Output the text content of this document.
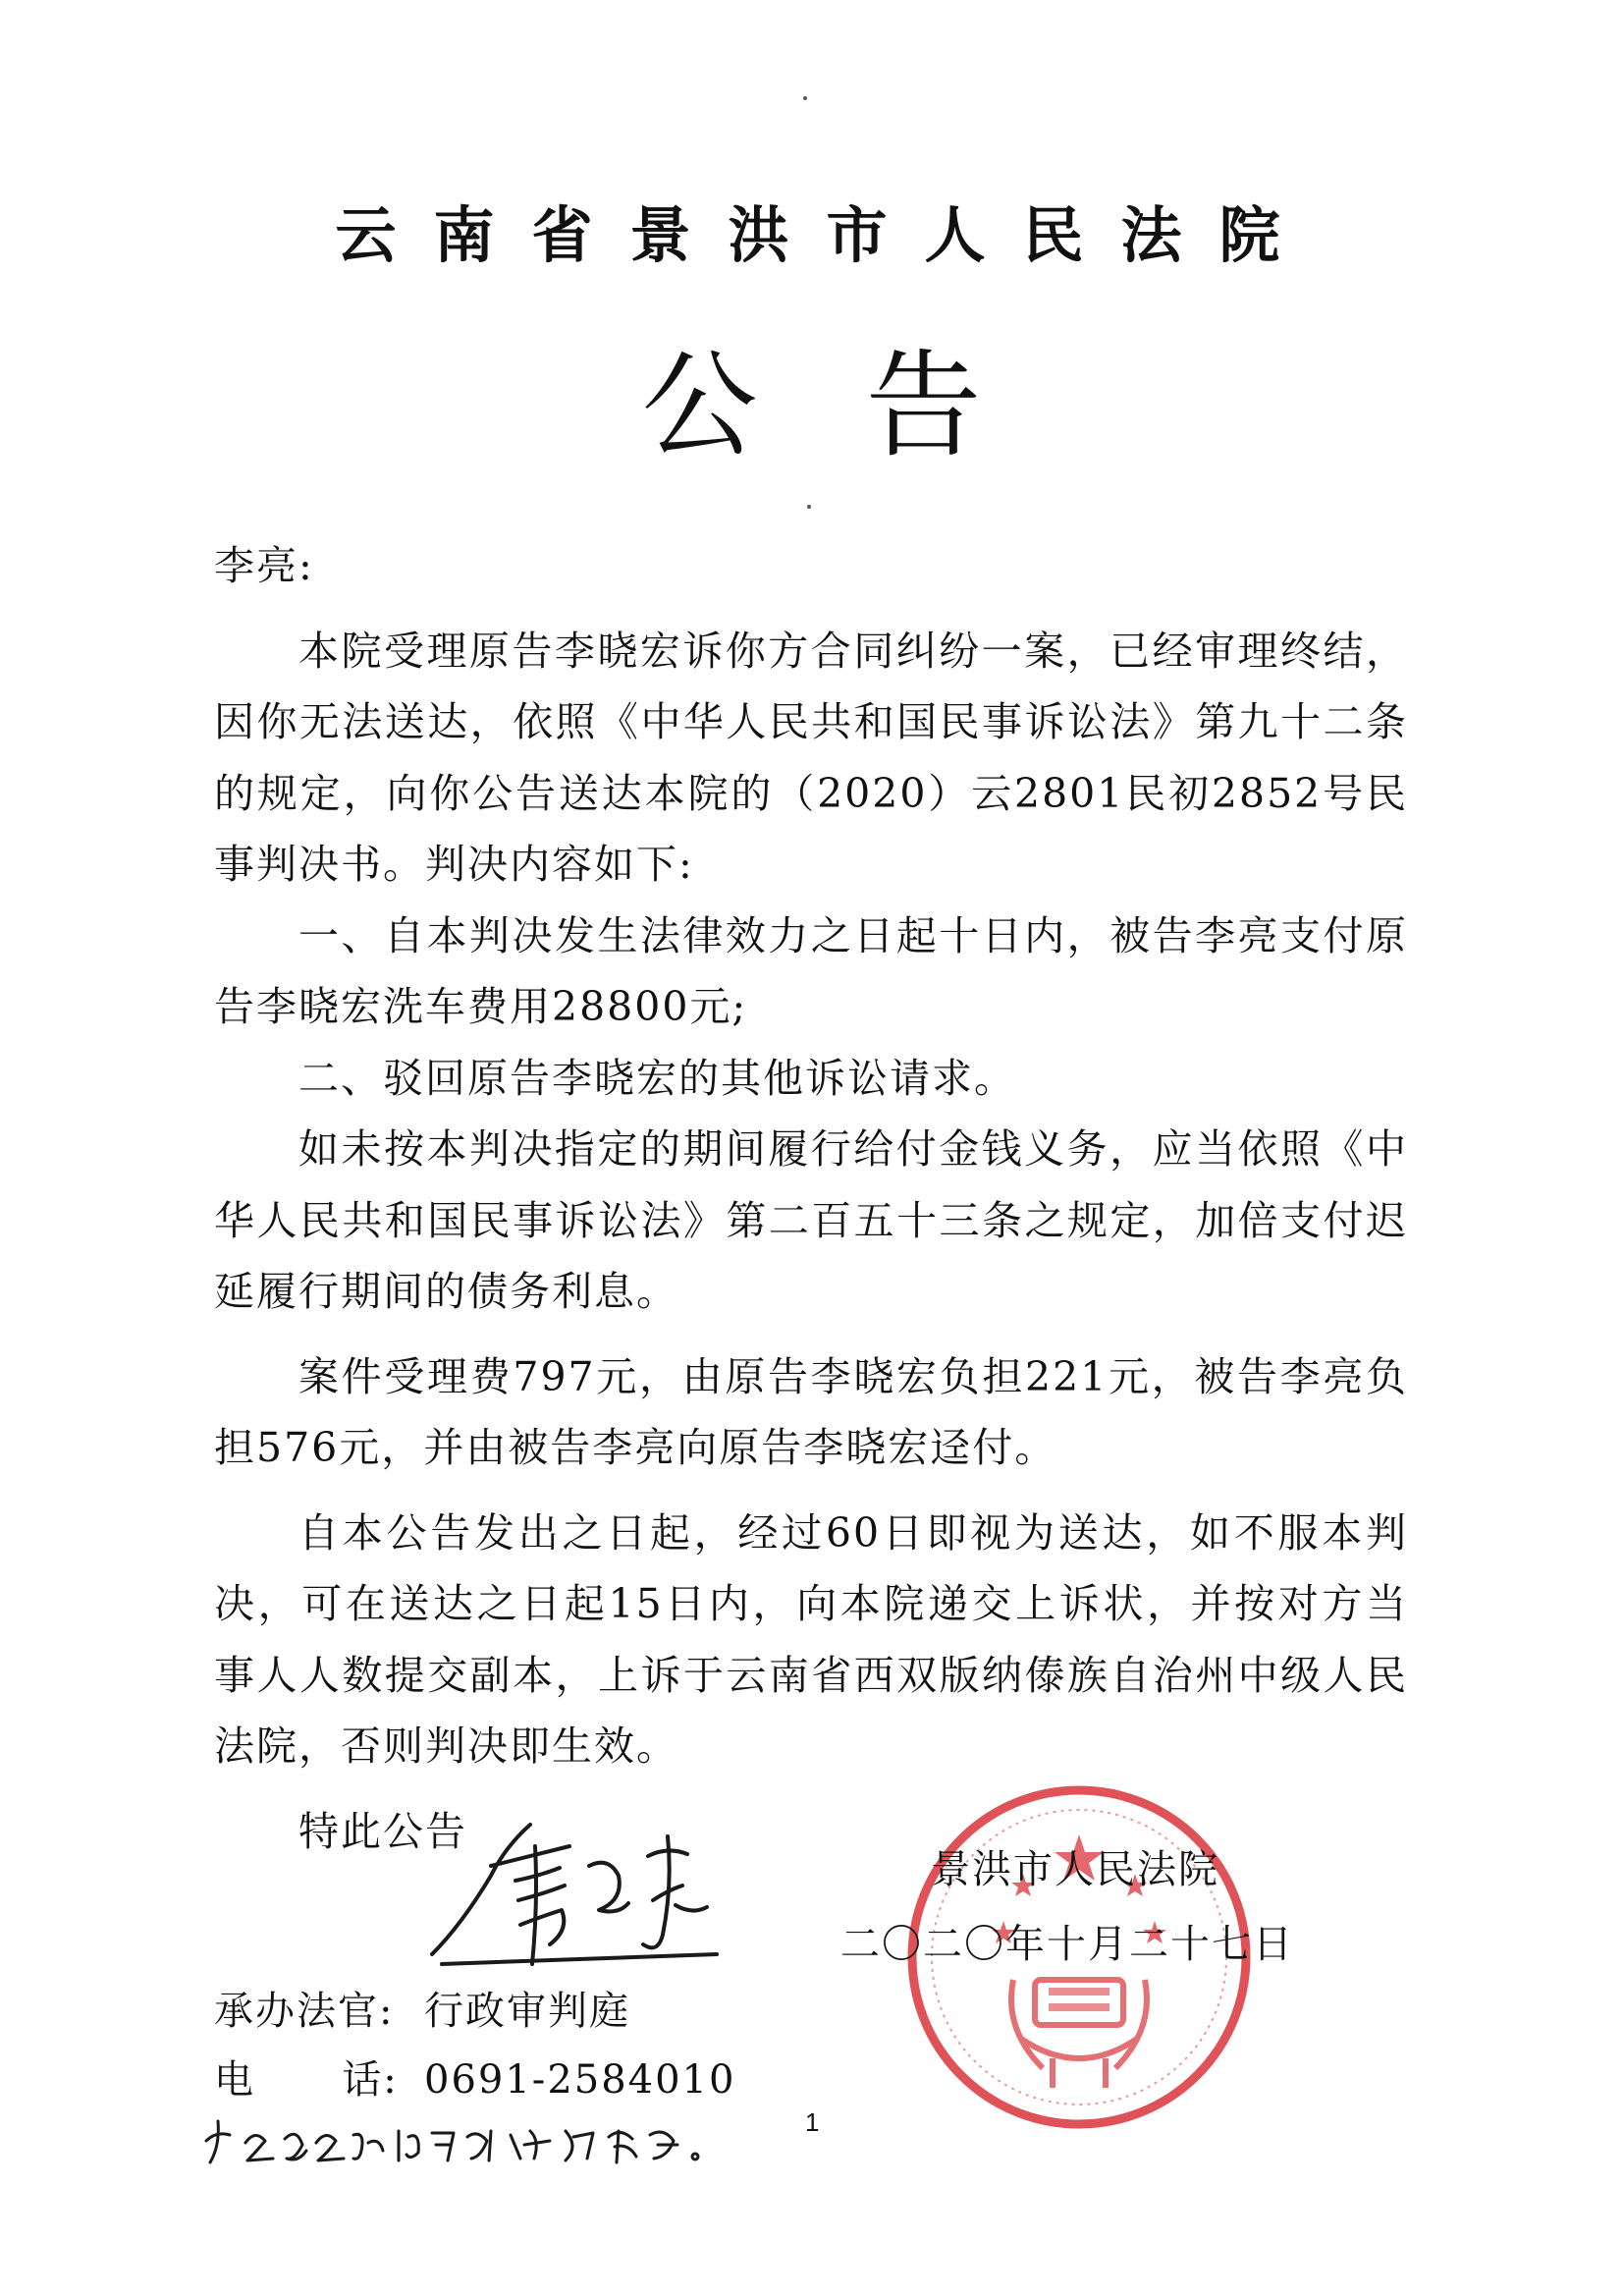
云南省景洪市人民法院
公告

李亮:

本院受理原告李晓宏诉你方合同纠纷一案，已经审理终结，因你无法送达，依照《中华人民共和国民事诉讼法》第九十二条的规定，向你公告送达本院的（2020）云2801民初2852号民事判决书。判决内容如下:

一、自本判决发生法律效力之日起十日内，被告李亮支付原告李晓宏洗车费用28800元;

二、驳回原告李晓宏的其他诉讼请求。

如未按本判决指定的期间履行给付金钱义务，应当依照《中华人民共和国民事诉讼法》第二百五十三条之规定，加倍支付迟延履行期间的债务利息。

案件受理费797元，由原告李晓宏负担221元，被告李亮负担576元，并由被告李亮向原告李晓宏迳付。

自本公告发出之日起，经过60日即视为送达，如不服本判决，可在送达之日起15日内，向本院递交上诉状，并按对方当事人人数提交副本，上诉于云南省西双版纳傣族自治州中级人民法院，否则判决即生效。

特此公告

景洪市人民法院
二〇二〇年十月二十七日
承办法官: 行政审判庭
电      话: 0691-2584010
1
